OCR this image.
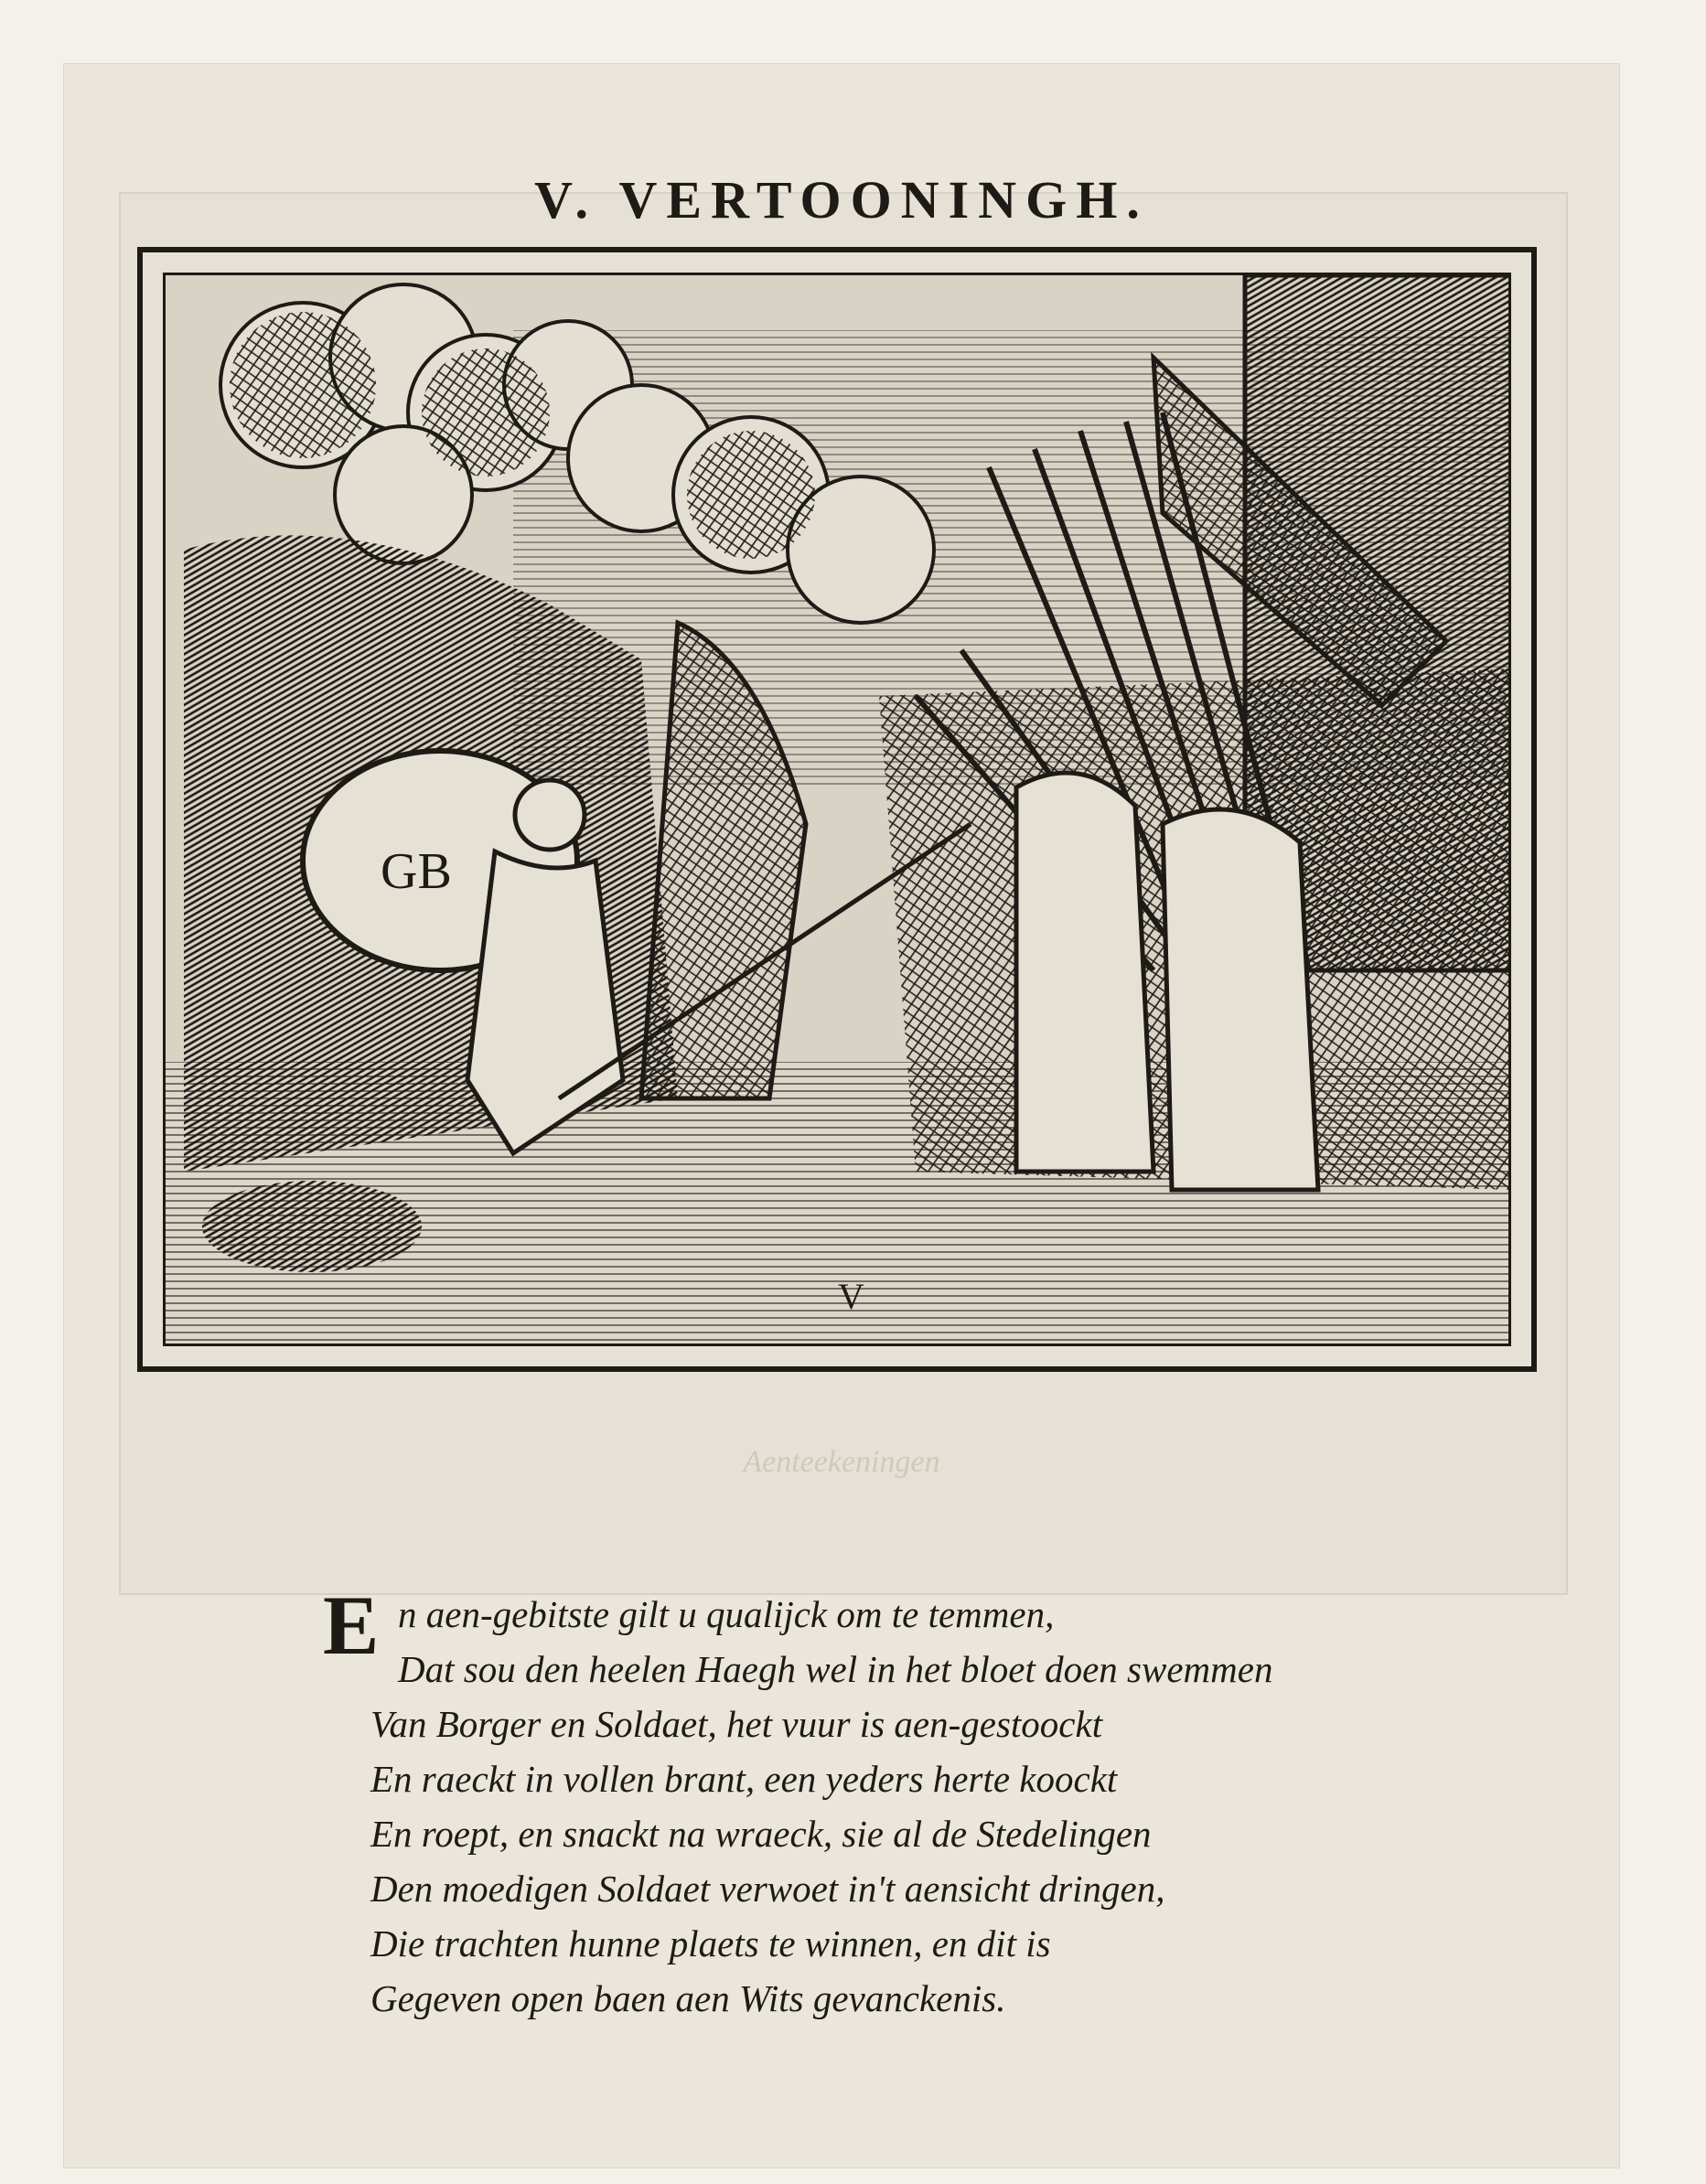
V. VERTOONINGH.
GB
V
Aenteekeningen
E n aen-gebitste gilt u qualijck om te temmen,
Dat sou den heelen Haegh wel in het bloet doen swemmen
Van Borger en Soldaet, het vuur is aen-gestoockt
En raeckt in vollen brant, een yeders herte koockt
En roept, en snackt na wraeck, sie al de Stedelingen
Den moedigen Soldaet verwoet in't aensicht dringen,
Die trachten hunne plaets te winnen, en dit is
Gegeven open baen aen Wits gevanckenis.
